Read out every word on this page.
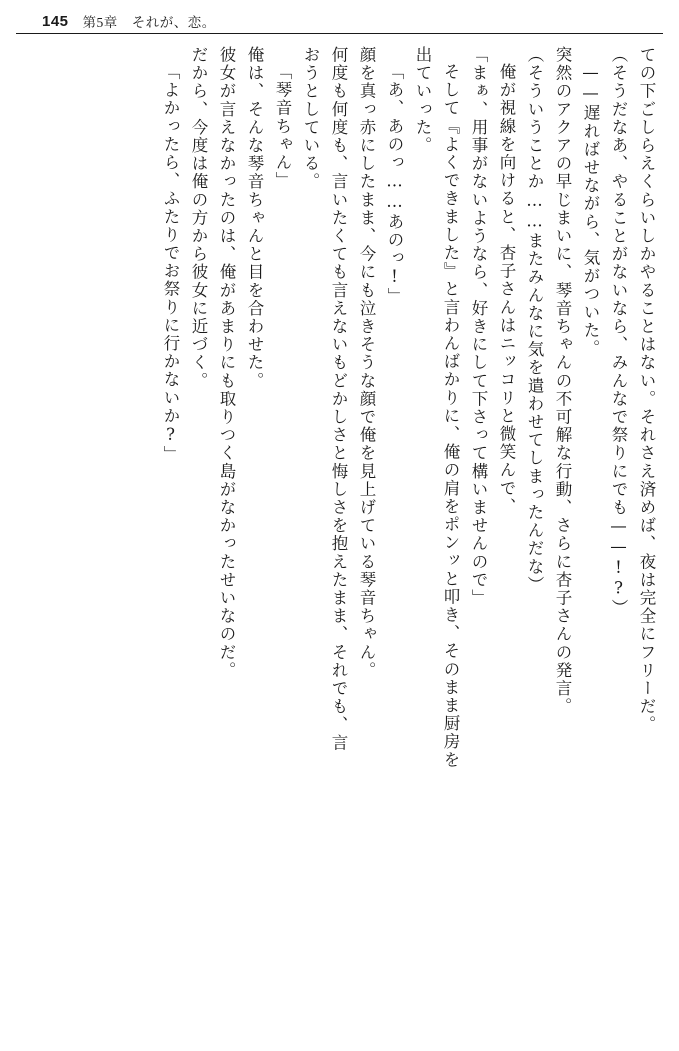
145 第5章　それが、恋。
ての下ごしらえくらいしかやることはない。それさえ済めば、夜は完全にフリーだ。
（そうだなあ、やることがないなら、みんなで祭りにでも——!?）
——遅ればせながら、気がついた。
突然のアクアの早じまいに、琴音ちゃんの不可解な行動、さらに杏子さんの発言。
（そういうことか……またみんなに気を遣わせてしまったんだな）
俺が視線を向けると、杏子さんはニッコリと微笑んで、
「まぁ、用事がないようなら、好きにして下さって構いませんので」
そして『よくできました』と言わんばかりに、俺の肩をポンッと叩き、そのまま厨房を
出ていった。
「あ、あのっ……あのっ!」
顔を真っ赤にしたまま、今にも泣きそうな顔で俺を見上げている琴音ちゃん。
何度も何度も、言いたくても言えないもどかしさと悔しさを抱えたまま、それでも、言
おうとしている。
「琴音ちゃん」
俺は、そんな琴音ちゃんと目を合わせた。
彼女が言えなかったのは、俺があまりにも取りつく島がなかったせいなのだ。
だから、今度は俺の方から彼女に近づく。
「よかったら、ふたりでお祭りに行かないか?」
